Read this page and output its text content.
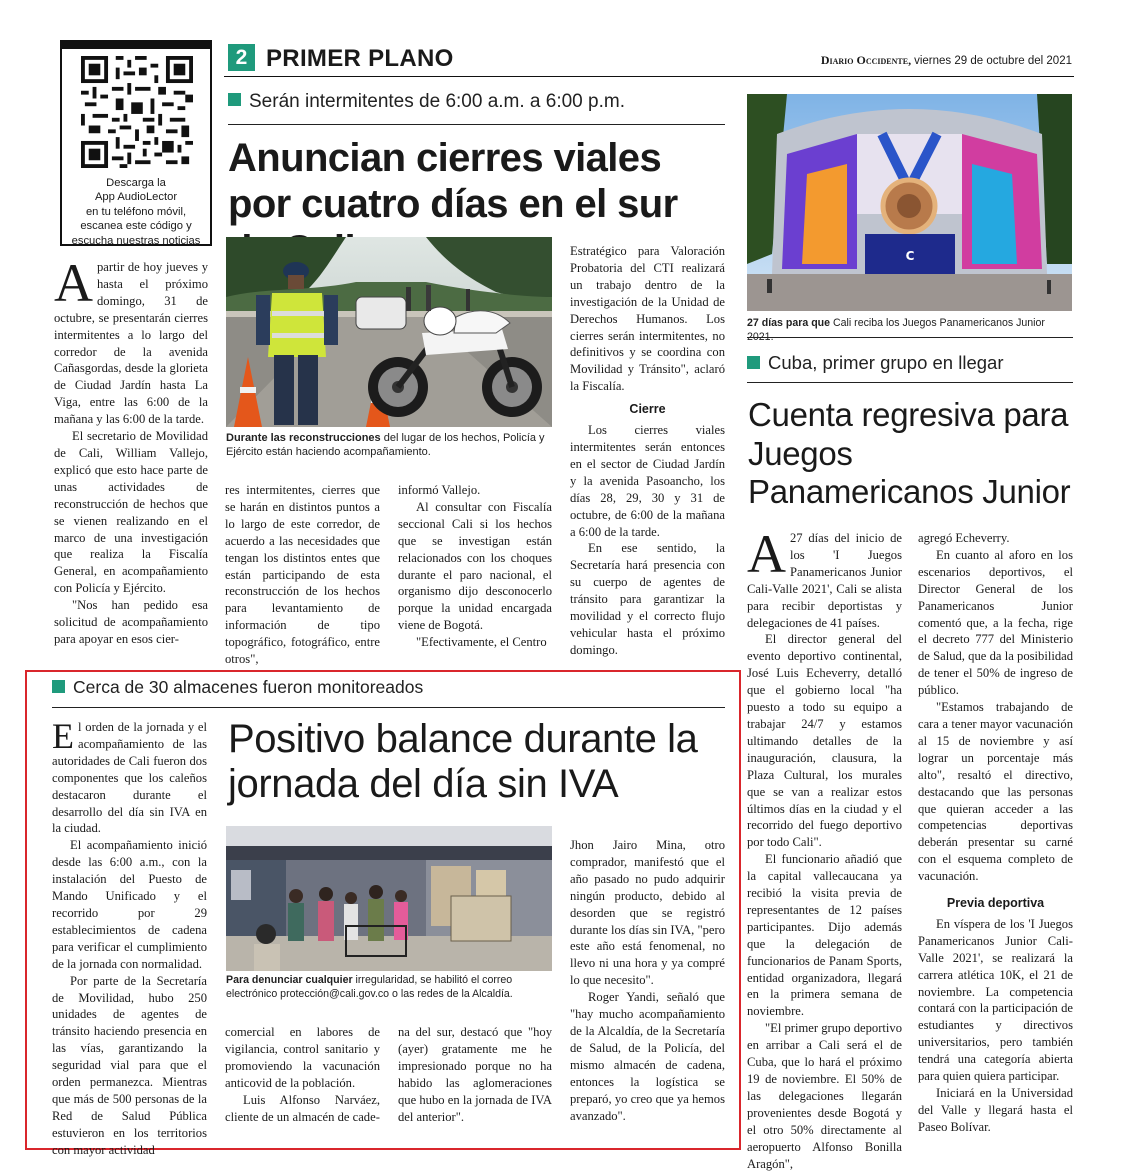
Descarga la
App AudioLector
en tu teléfono móvil,
escanea este código y
escucha nuestras noticias
2 PRIMER PLANO	Diario Occidente, viernes 29 de octubre del 2021
Serán intermitentes de 6:00 a.m. a 6:00 p.m.
Anuncian cierres viales por cuatro días en el sur
Durante las reconstrucciones del lugar de los hechos, Policía y Ejército están haciendo acompañamiento.
A partir de hoy jueves y hasta el próximo domingo, 31 de octubre, se presentarán cierres intermitentes a lo largo del corredor de la avenida Cañasgordas, desde la glorieta de Ciudad Jardín hasta La Viga, entre las 6:00 de la mañana y las 6:00 de la tarde.

El secretario de Movilidad de Cali, William Vallejo, explicó que esto hace parte de unas actividades de reconstrucción de hechos que se vienen realizando en el marco de una investigación que realiza la Fiscalía General, en acompañamiento con Policía y Ejército.

"Nos han pedido esa solicitud de acompañamiento para apoyar en esos cier-

res intermitentes, cierres que se harán en distintos puntos a lo largo de este corredor, de acuerdo a las necesidades que tengan los distintos entes que están participando de esta reconstrucción de los hechos para levantamiento de información de tipo topográfico, fotográfico, entre otros",

informó Vallejo.

Al consultar con Fiscalía seccional Cali si los hechos que se investigan están relacionados con los choques durante el paro nacional, el organismo dijo desconocerlo porque la unidad encargada viene de Bogotá.

"Efectivamente, el Centro

Estratégico para Valoración Probatoria del CTI realizará un trabajo dentro de la investigación de la Unidad de Derechos Humanos. Los cierres serán intermitentes, no definitivos y se coordina con Movilidad y Tránsito", aclaró la Fiscalía.

Cierre

Los cierres viales intermitentes serán entonces en el sector de Ciudad Jardín y la avenida Pasoancho, los días 28, 29, 30 y 31 de octubre, de 6:00 de la mañana a 6:00 de la tarde.

En ese sentido, la Secretaría hará presencia con su cuerpo de agentes de tránsito para garantizar la movilidad y el correcto flujo vehicular hasta el próximo domingo.

C
27 días para que Cali reciba los Juegos Panamericanos Junior 2021.
Cuba, primer grupo en llegar
Cuenta regresiva para Juegos Panamericanos Junior
A 27 días del inicio de los 'I Juegos Panamericanos Junior Cali-Valle 2021', Cali se alista para recibir deportistas y delegaciones de 41 países.

El director general del evento deportivo continental, José Luis Echeverry, detalló que el gobierno local "ha puesto a todo su equipo a trabajar 24/7 y estamos ultimando detalles de la inauguración, clausura, la Plaza Cultural, los murales que se van a realizar estos últimos días en la ciudad y el recorrido del fuego deportivo por todo Cali".

El funcionario añadió que la capital vallecaucana ya recibió la visita previa de representantes de 12 países participantes. Dijo además que la delegación de funcionarios de Panam Sports, entidad organizadora, llegará en la primera semana de noviembre.

"El primer grupo deportivo en arribar a Cali será el de Cuba, que lo hará el próximo 19 de noviembre. El 50% de las delegaciones llegarán provenientes desde Bogotá y el otro 50% directamente al aeropuerto Alfonso Bonilla Aragón",

agregó Echeverry.

En cuanto al aforo en los escenarios deportivos, el Director General de los Panamericanos Junior comentó que, a la fecha, rige el decreto 777 del Ministerio de Salud, que da la posibilidad de tener el 50% de ingreso de público.

"Estamos trabajando de cara a tener mayor vacunación al 15 de noviembre y así lograr un porcentaje más alto", resaltó el directivo, destacando que las personas que quieran acceder a las competencias deportivas deberán presentar su carné con el esquema completo de vacunación.

Previa deportiva

En víspera de los 'I Juegos Panamericanos Junior Cali-Valle 2021', se realizará la carrera atlética 10K, el 21 de noviembre. La competencia contará con la participación de estudiantes y directivos universitarios, pero también tendrá una categoría abierta para quien quiera participar.

Iniciará en la Universidad del Valle y llegará hasta el Paseo Bolívar.

Cerca de 30 almacenes fueron monitoreados
Positivo balance durante la jornada del día sin IVA
Para denunciar cualquier irregularidad, se habilitó el correo electrónico protección@cali.gov.co o las redes de la Alcaldía.
E l orden de la jornada y el acompañamiento de las autoridades de Cali fueron dos componentes que los caleños destacaron durante el desarrollo del día sin IVA en la ciudad.

El acompañamiento inició desde las 6:00 a.m., con la instalación del Puesto de Mando Unificado y el recorrido por 29 establecimientos de cadena para verificar el cumplimiento de la jornada con normalidad.

Por parte de la Secretaría de Movilidad, hubo 250 unidades de agentes de tránsito haciendo presencia en las vías, garantizando la seguridad vial para que el orden permanezca. Mientras que más de 500 personas de la Red de Salud Pública estuvieron en los territorios con mayor actividad

comercial en labores de vigilancia, control sanitario y promoviendo la vacunación anticovid de la población.

Luis Alfonso Narváez, cliente de un almacén de cade-

na del sur, destacó que "hoy (ayer) gratamente me he impresionado porque no ha habido las aglomeraciones que hubo en la jornada de IVA del anterior".

Jhon Jairo Mina, otro comprador, manifestó que el año pasado no pudo adquirir ningún producto, debido al desorden que se registró durante los días sin IVA, "pero este año está fenomenal, no llevo ni una hora y ya compré lo que necesito".

Roger Yandi, señaló que "hay mucho acompañamiento de la Alcaldía, de la Secretaría de Salud, de la Policía, del mismo almacén de cadena, entonces la logística se preparó, yo creo que ya hemos avanzado".
